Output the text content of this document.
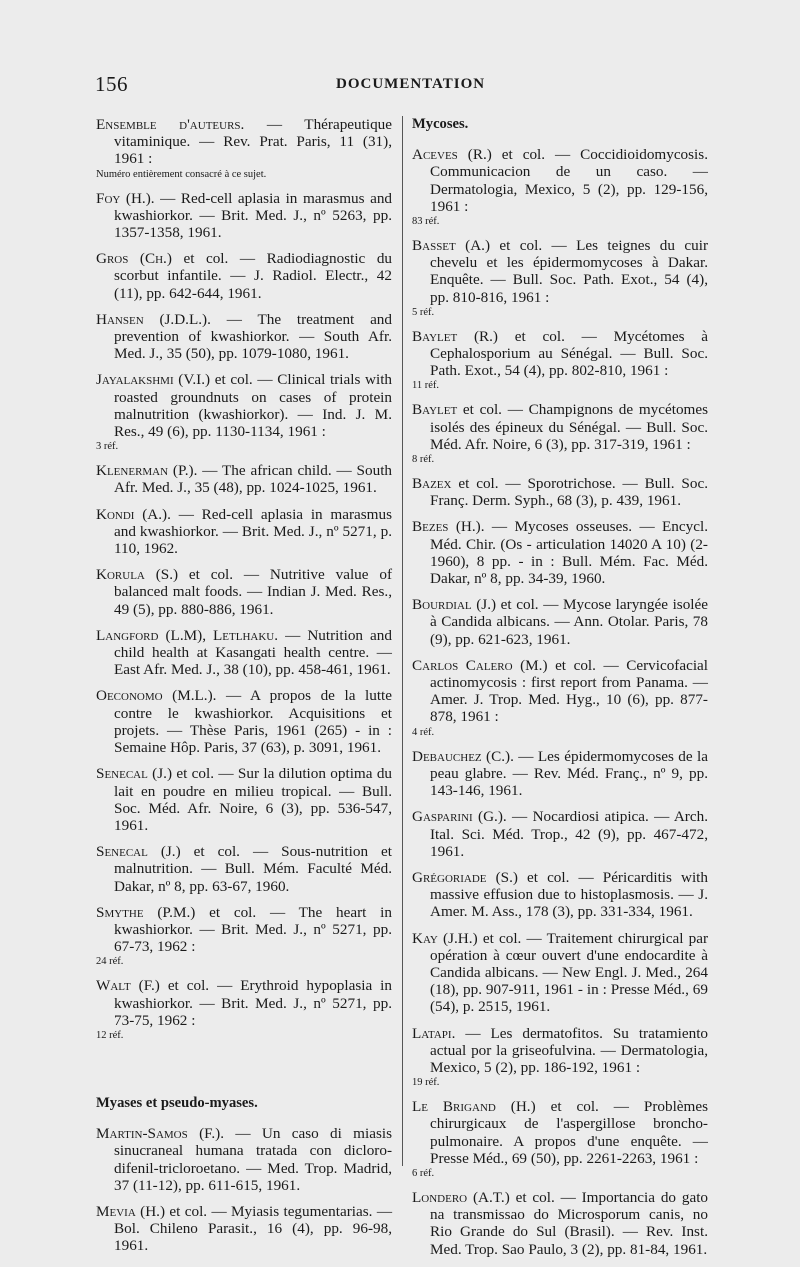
156	DOCUMENTATION
Ensemble d'auteurs. — Thérapeutique vitaminique. — Rev. Prat. Paris, 11 (31), 1961 :
Numéro entièrement consacré à ce sujet.
Foy (H.). — Red-cell aplasia in marasmus and kwashiorkor. — Brit. Med. J., nº 5263, pp. 1357-1358, 1961.
Gros (Ch.) et col. — Radiodiagnostic du scorbut infantile. — J. Radiol. Electr., 42 (11), pp. 642-644, 1961.
Hansen (J.D.L.). — The treatment and prevention of kwashiorkor. — South Afr. Med. J., 35 (50), pp. 1079-1080, 1961.
Jayalakshmi (V.I.) et col. — Clinical trials with roasted groundnuts on cases of protein malnutrition (kwashiorkor). — Ind. J. M. Res., 49 (6), pp. 1130-1134, 1961 :
3 réf.
Klenerman (P.). — The african child. — South Afr. Med. J., 35 (48), pp. 1024-1025, 1961.
Kondi (A.). — Red-cell aplasia in marasmus and kwashiorkor. — Brit. Med. J., nº 5271, p. 110, 1962.
Korula (S.) et col. — Nutritive value of balanced malt foods. — Indian J. Med. Res., 49 (5), pp. 880-886, 1961.
Langford (L.M), Letlhaku. — Nutrition and child health at Kasangati health centre. — East Afr. Med. J., 38 (10), pp. 458-461, 1961.
Oeconomo (M.L.). — A propos de la lutte contre le kwashiorkor. Acquisitions et projets. — Thèse Paris, 1961 (265) - in : Semaine Hôp. Paris, 37 (63), p. 3091, 1961.
Senecal (J.) et col. — Sur la dilution optima du lait en poudre en milieu tropical. — Bull. Soc. Méd. Afr. Noire, 6 (3), pp. 536-547, 1961.
Senecal (J.) et col. — Sous-nutrition et malnutrition. — Bull. Mém. Faculté Méd. Dakar, nº 8, pp. 63-67, 1960.
Smythe (P.M.) et col. — The heart in kwashiorkor. — Brit. Med. J., nº 5271, pp. 67-73, 1962 :
24 réf.
Walt (F.) et col. — Erythroid hypoplasia in kwashiorkor. — Brit. Med. J., nº 5271, pp. 73-75, 1962 :
12 réf.
Myases et pseudo-myases.
Martin-Samos (F.). — Un caso di miasis sinucraneal humana tratada con dicloro-difenil-tricloroetano. — Med. Trop. Madrid, 37 (11-12), pp. 611-615, 1961.
Mevia (H.) et col. — Myiasis tegumentarias. — Bol. Chileno Parasit., 16 (4), pp. 96-98, 1961.
Mycoses.
Aceves (R.) et col. — Coccidioidomycosis. Communicacion de un caso. — Dermatologia, Mexico, 5 (2), pp. 129-156, 1961 :
83 réf.
Basset (A.) et col. — Les teignes du cuir chevelu et les épidermomycoses à Dakar. Enquête. — Bull. Soc. Path. Exot., 54 (4), pp. 810-816, 1961 :
5 réf.
Baylet (R.) et col. — Mycétomes à Cephalosporium au Sénégal. — Bull. Soc. Path. Exot., 54 (4), pp. 802-810, 1961 :
11 réf.
Baylet et col. — Champignons de mycétomes isolés des épineux du Sénégal. — Bull. Soc. Méd. Afr. Noire, 6 (3), pp. 317-319, 1961 :
8 réf.
Bazex et col. — Sporotrichose. — Bull. Soc. Franç. Derm. Syph., 68 (3), p. 439, 1961.
Bezes (H.). — Mycoses osseuses. — Encycl. Méd. Chir. (Os - articulation 14020 A 10) (2-1960), 8 pp. - in : Bull. Mém. Fac. Méd. Dakar, nº 8, pp. 34-39, 1960.
Bourdial (J.) et col. — Mycose laryngée isolée à Candida albicans. — Ann. Otolar. Paris, 78 (9), pp. 621-623, 1961.
Carlos Calero (M.) et col. — Cervicofacial actinomycosis : first report from Panama. — Amer. J. Trop. Med. Hyg., 10 (6), pp. 877-878, 1961 :
4 réf.
Debauchez (C.). — Les épidermomycoses de la peau glabre. — Rev. Méd. Franç., nº 9, pp. 143-146, 1961.
Gasparini (G.). — Nocardiosi atipica. — Arch. Ital. Sci. Méd. Trop., 42 (9), pp. 467-472, 1961.
Grégoriade (S.) et col. — Péricarditis with massive effusion due to histoplasmosis. — J. Amer. M. Ass., 178 (3), pp. 331-334, 1961.
Kay (J.H.) et col. — Traitement chirurgical par opération à cœur ouvert d'une endocardite à Candida albicans. — New Engl. J. Med., 264 (18), pp. 907-911, 1961 - in : Presse Méd., 69 (54), p. 2515, 1961.
Latapi. — Les dermatofitos. Su tratamiento actual por la griseofulvina. — Dermatologia, Mexico, 5 (2), pp. 186-192, 1961 :
19 réf.
Le Brigand (H.) et col. — Problèmes chirurgicaux de l'aspergillose broncho-pulmonaire. A propos d'une enquête. — Presse Méd., 69 (50), pp. 2261-2263, 1961 :
6 réf.
Londero (A.T.) et col. — Importancia do gato na transmissao do Microsporum canis, no Rio Grande do Sul (Brasil). — Rev. Inst. Med. Trop. Sao Paulo, 3 (2), pp. 81-84, 1961.
